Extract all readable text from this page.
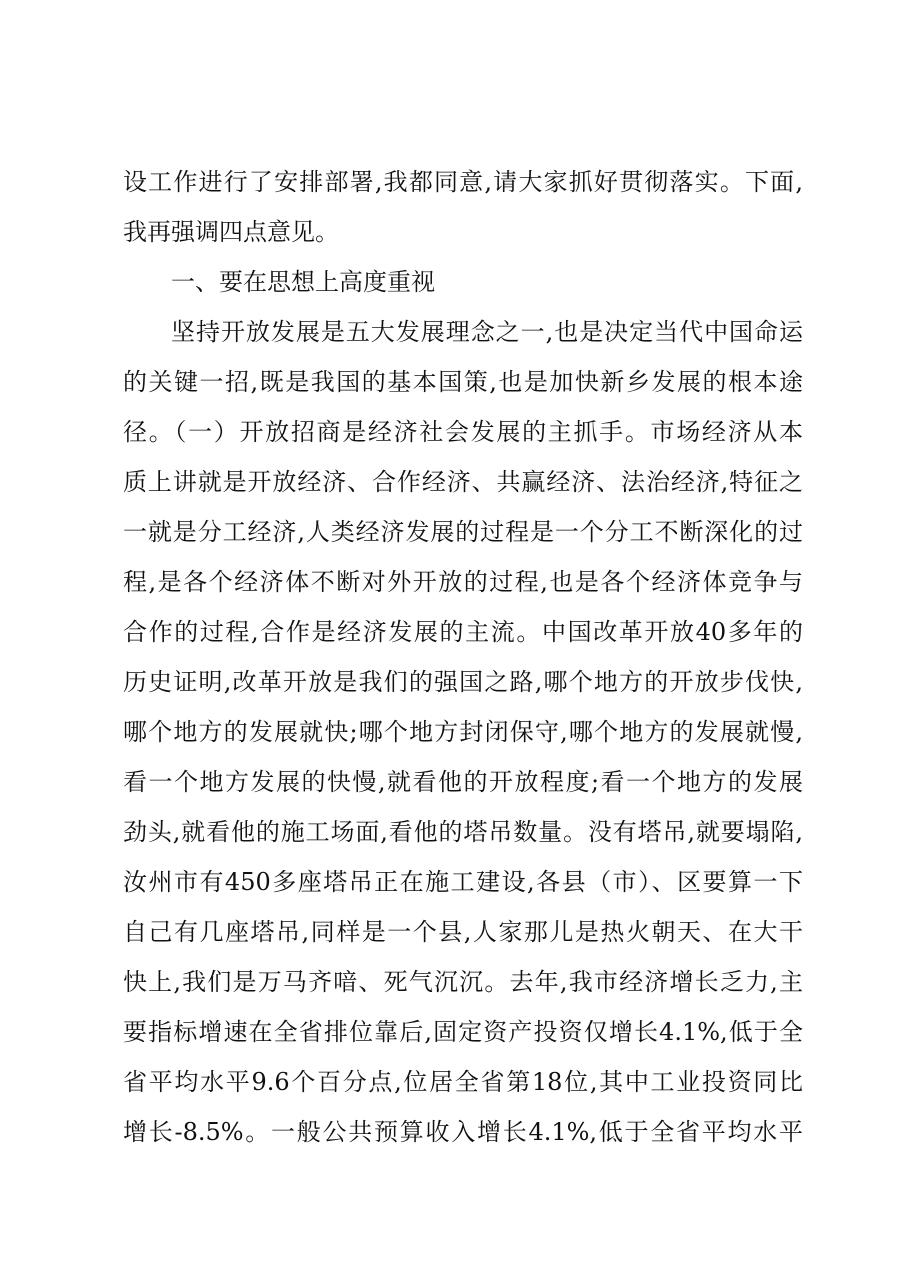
设工作进行了安排部署,我都同意,请大家抓好贯彻落实。下面,
我再强调四点意见。
一、要在思想上高度重视
坚持开放发展是五大发展理念之一,也是决定当代中国命运
的关键一招,既是我国的基本国策,也是加快新乡发展的根本途
径。（一）开放招商是经济社会发展的主抓手。市场经济从本
质上讲就是开放经济、合作经济、共赢经济、法治经济,特征之
一就是分工经济,人类经济发展的过程是一个分工不断深化的过
程,是各个经济体不断对外开放的过程,也是各个经济体竞争与
合作的过程,合作是经济发展的主流。中国改革开放40多年的
历史证明,改革开放是我们的强国之路,哪个地方的开放步伐快,
哪个地方的发展就快;哪个地方封闭保守,哪个地方的发展就慢,
看一个地方发展的快慢,就看他的开放程度;看一个地方的发展
劲头,就看他的施工场面,看他的塔吊数量。没有塔吊,就要塌陷,
汝州市有450多座塔吊正在施工建设,各县（市）、区要算一下
自己有几座塔吊,同样是一个县,人家那儿是热火朝天、在大干
快上,我们是万马齐喑、死气沉沉。去年,我市经济增长乏力,主
要指标增速在全省排位靠后,固定资产投资仅增长4.1%,低于全
省平均水平9.6个百分点,位居全省第18位,其中工业投资同比
增长-8.5%。一般公共预算收入增长4.1%,低于全省平均水平
